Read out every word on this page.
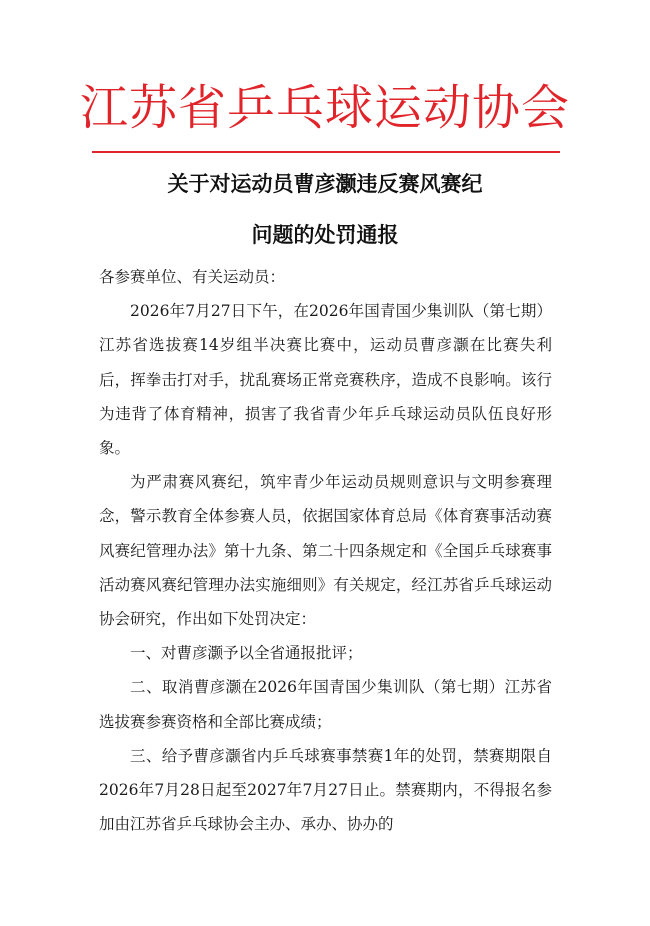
江苏省乒乓球运动协会
关于对运动员曹彦灏违反赛风赛纪
问题的处罚通报

各参赛单位、有关运动员：

2026年7月27日下午，在2026年国青国少集训队（第七期）江苏省选拔赛14岁组半决赛比赛中，运动员曹彦灏在比赛失利后，挥拳击打对手，扰乱赛场正常竞赛秩序，造成不良影响。该行为违背了体育精神，损害了我省青少年乒乓球运动员队伍良好形象。

为严肃赛风赛纪，筑牢青少年运动员规则意识与文明参赛理念，警示教育全体参赛人员，依据国家体育总局《体育赛事活动赛风赛纪管理办法》第十九条、第二十四条规定和《全国乒乓球赛事活动赛风赛纪管理办法实施细则》有关规定，经江苏省乒乓球运动协会研究，作出如下处罚决定：

一、对曹彦灏予以全省通报批评；

二、取消曹彦灏在2026年国青国少集训队（第七期）江苏省选拔赛参赛资格和全部比赛成绩；

三、给予曹彦灏省内乒乓球赛事禁赛1年的处罚，禁赛期限自2026年7月28日起至2027年7月27日止。禁赛期内，不得报名参加由江苏省乒乓球协会主办、承办、协办的
